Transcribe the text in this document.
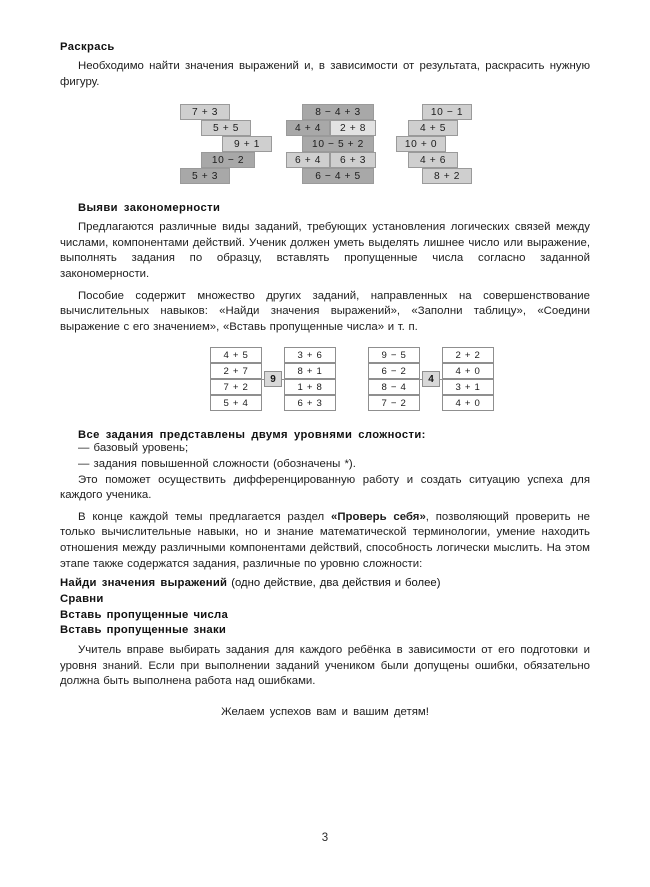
Раскрась

Необходимо найти значения выражений и, в зависимости от результата, раскрасить нужную фигуру.

7 + 3
5 + 5
9 + 1
10 − 2
5 + 3
8 − 4 + 3
4 + 4	2 + 8
10 − 5 + 2
6 + 4	6 + 3
6 − 4 + 5
10 − 1
4 + 5
10 + 0
4 + 6
8 + 2
Выяви закономерности

Предлагаются различные виды заданий, требующих установления логических связей между числами, компонентами действий. Ученик должен уметь выделять лишнее число или выражение, выполнять задания по образцу, вставлять пропущенные числа согласно заданной закономерности.

Пособие содержит множество других заданий, направленных на совершенствование вычислительных навыков: «Найди значения выражений», «Заполни таблицу», «Соедини выражение с его значением», «Вставь пропущенные числа» и т. п.

4 + 5
2 + 7
7 + 2
5 + 4
3 + 6
8 + 1
1 + 8
6 + 3
9
9 − 5
6 − 2
8 − 4
7 − 2
2 + 2
4 + 0
3 + 1
4 + 0
4
Все задания представлены двумя уровнями сложности:

— базовый уровень;

— задания повышенной сложности (обозначены *).

Это поможет осуществить дифференцированную работу и создать ситуацию успеха для каждого ученика.

В конце каждой темы предлагается раздел «Проверь себя», позволяющий проверить не только вычислительные навыки, но и знание математической терминологии, умение находить отношения между различными компонентами действий, способность логически мыслить. На этом этапе также содержатся задания, различные по уровню сложности:

Найди значения выражений (одно действие, два действия и более)

Сравни

Вставь пропущенные числа

Вставь пропущенные знаки

Учитель вправе выбирать задания для каждого ребёнка в зависимости от его подготовки и уровня знаний. Если при выполнении заданий учеником были допущены ошибки, обязательно должна быть выполнена работа над ошибками.

Желаем успехов вам и вашим детям!

3
